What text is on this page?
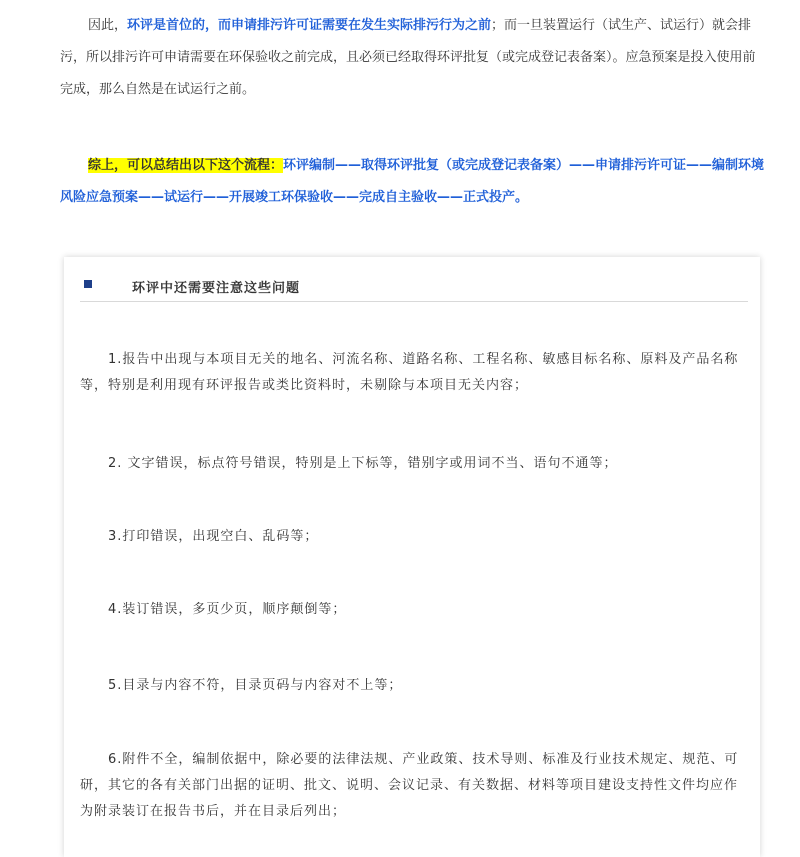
因此，环评是首位的，而申请排污许可证需要在发生实际排污行为之前；而一旦装置运行（试生产、试运行）就会排污，所以排污许可申请需要在环保验收之前完成，且必须已经取得环评批复（或完成登记表备案）。应急预案是投入使用前完成，那么自然是在试运行之前。
综上，可以总结出以下这个流程：环评编制——取得环评批复（或完成登记表备案）——申请排污许可证——编制环境风险应急预案——试运行——开展竣工环保验收——完成自主验收——正式投产。
环评中还需要注意这些问题
1.报告中出现与本项目无关的地名、河流名称、道路名称、工程名称、敏感目标名称、原料及产品名称等，特别是利用现有环评报告或类比资料时，未剔除与本项目无关内容；
2. 文字错误，标点符号错误，特别是上下标等，错别字或用词不当、语句不通等；
3.打印错误，出现空白、乱码等；
4.装订错误，多页少页，顺序颠倒等；
5.目录与内容不符，目录页码与内容对不上等；
6.附件不全，编制依据中，除必要的法律法规、产业政策、技术导则、标准及行业技术规定、规范、可研，其它的各有关部门出据的证明、批文、说明、会议记录、有关数据、材料等项目建设支持性文件均应作为附录装订在报告书后，并在目录后列出；
